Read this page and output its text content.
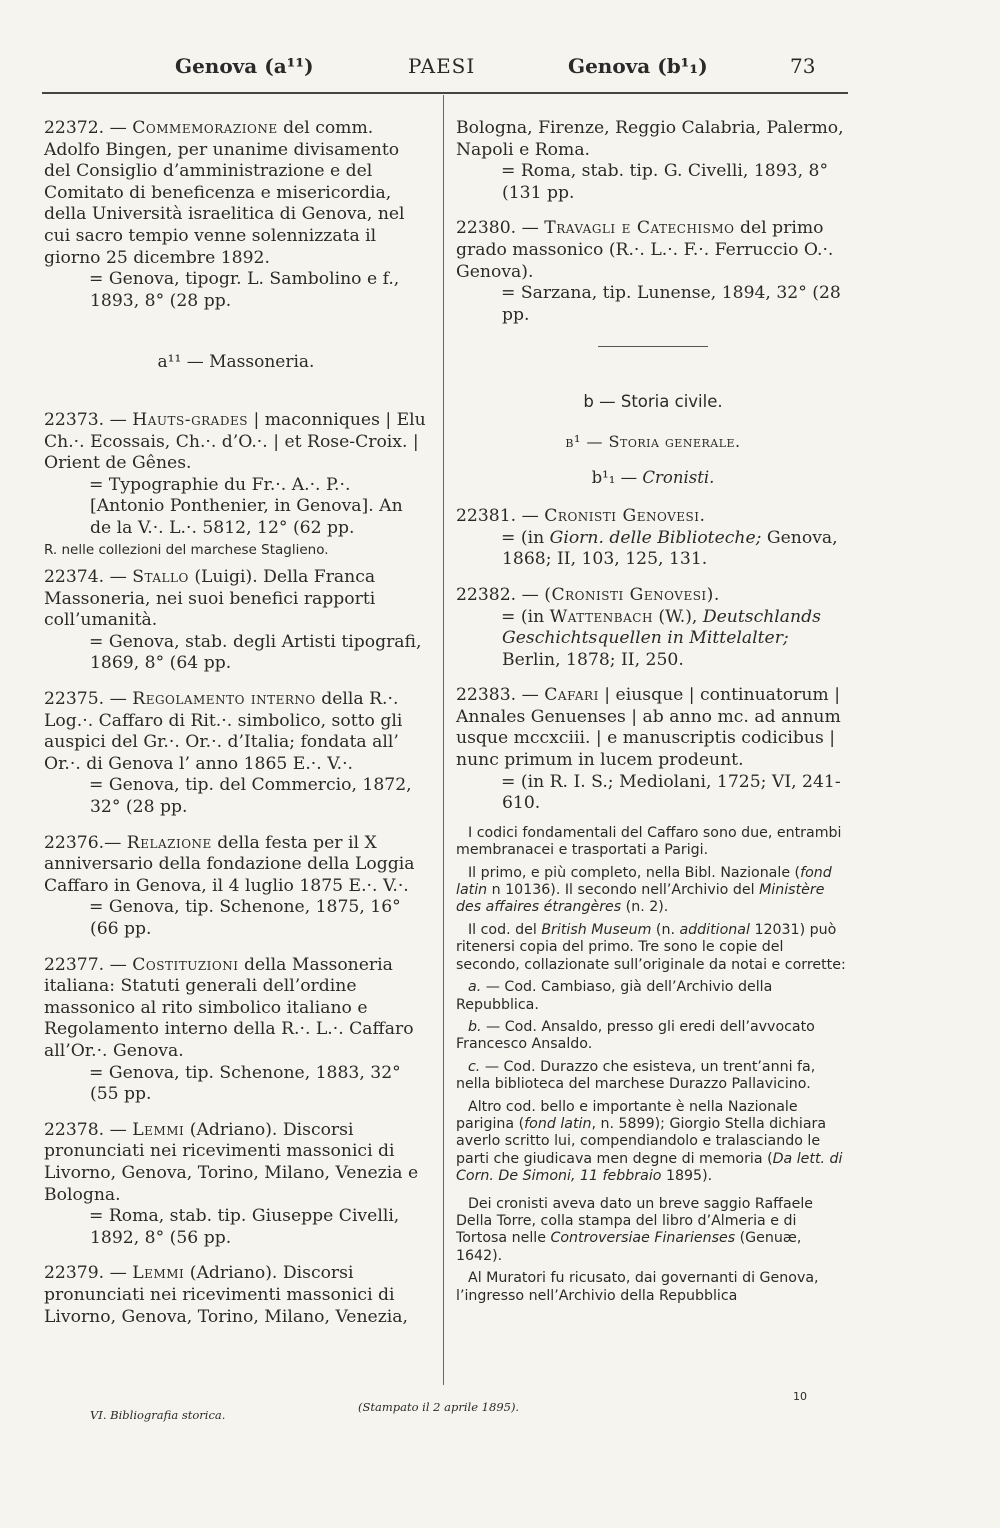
Genova (a¹¹)	PAESI	Genova (b¹₁)	73

22372. — Commemorazione del comm. Adolfo Bingen, per unanime divisamento del Consiglio d’amministrazione e del Comitato di beneficenza e misericordia, della Università israelitica di Genova, nel cui sacro tempio venne solennizzata il giorno 25 dicembre 1892.

= Genova, tipogr. L. Sambolino e f., 1893, 8° (28 pp.

a¹¹ — Massoneria.

22373. — Hauts-grades | maconniques | Elu Ch.·. Ecossais, Ch.·. d’O.·. | et Rose-Croix. | Orient de Gênes.

= Typographie du Fr.·. A.·. P.·. [Antonio Ponthenier, in Genova]. An de la V.·. L.·. 5812, 12° (62 pp.

R. nelle collezioni del marchese Staglieno.

22374. — Stallo (Luigi). Della Franca Massoneria, nei suoi benefici rapporti coll’umanità.

= Genova, stab. degli Artisti tipografi, 1869, 8° (64 pp.

22375. — Regolamento interno della R.·. Log.·. Caffaro di Rit.·. simbolico, sotto gli auspici del Gr.·. Or.·. d’Italia; fondata all’ Or.·. di Genova l’ anno 1865 E.·. V.·.

= Genova, tip. del Commercio, 1872, 32° (28 pp.

22376.— Relazione della festa per il X anniversario della fondazione della Loggia Caffaro in Genova, il 4 luglio 1875 E.·. V.·.

= Genova, tip. Schenone, 1875, 16° (66 pp.

22377. — Costituzioni della Massoneria italiana: Statuti generali dell’ordine massonico al rito simbolico italiano e Regolamento interno della R.·. L.·. Caffaro all’Or.·. Genova.

= Genova, tip. Schenone, 1883, 32° (55 pp.

22378. — Lemmi (Adriano). Discorsi pronunciati nei ricevimenti massonici di Livorno, Genova, Torino, Milano, Venezia e Bologna.

= Roma, stab. tip. Giuseppe Civelli, 1892, 8° (56 pp.

22379. — Lemmi (Adriano). Discorsi pronunciati nei ricevimenti massonici di Livorno, Genova, Torino, Milano, Venezia,

Bologna, Firenze, Reggio Calabria, Palermo, Napoli e Roma.

= Roma, stab. tip. G. Civelli, 1893, 8° (131 pp.

22380. — Travagli e Catechismo del primo grado massonico (R.·. L.·. F.·. Ferruccio O.·. Genova).

= Sarzana, tip. Lunense, 1894, 32° (28 pp.

b — Storia civile.
b¹ — Storia generale.
b¹₁ — Cronisti.

22381. — Cronisti Genovesi.

= (in Giorn. delle Biblioteche; Genova, 1868; II, 103, 125, 131.

22382. — (Cronisti Genovesi).

= (in Wattenbach (W.), Deutschlands Geschichtsquellen in Mittelalter; Berlin, 1878; II, 250.

22383. — Cafari | eiusque | continuatorum | Annales Genuenses | ab anno mc. ad annum usque mccxciii. | e manuscriptis codicibus | nunc primum in lucem prodeunt.

= (in R. I. S.; Mediolani, 1725; VI, 241-610.

I codici fondamentali del Caffaro sono due, entrambi membranacei e trasportati a Parigi.

Il primo, e più completo, nella Bibl. Nazionale (fond latin n 10136). Il secondo nell’Archivio del Ministère des affaires étrangères (n. 2).

Il cod. del British Museum (n. additional 12031) può ritenersi copia del primo. Tre sono le copie del secondo, collazionate sull’originale da notai e corrette:

a. — Cod. Cambiaso, già dell’Archivio della Repubblica.

b. — Cod. Ansaldo, presso gli eredi dell’avvocato Francesco Ansaldo.

c. — Cod. Durazzo che esisteva, un trent’anni fa, nella biblioteca del marchese Durazzo Pallavicino.

Altro cod. bello e importante è nella Nazionale parigina (fond latin, n. 5899); Giorgio Stella dichiara averlo scritto lui, compendiandolo e tralasciando le parti che giudicava men degne di memoria (Da lett. di Corn. De Simoni, 11 febbraio 1895).

Dei cronisti aveva dato un breve saggio Raffaele Della Torre, colla stampa del libro d’Almeria e di Tortosa nelle Controversiae Finarienses (Genuæ, 1642).

Al Muratori fu ricusato, dai governanti di Genova, l’ingresso nell’Archivio della Repubblica

VI. Bibliografia storica.
(Stampato il 2 aprile 1895).
10
